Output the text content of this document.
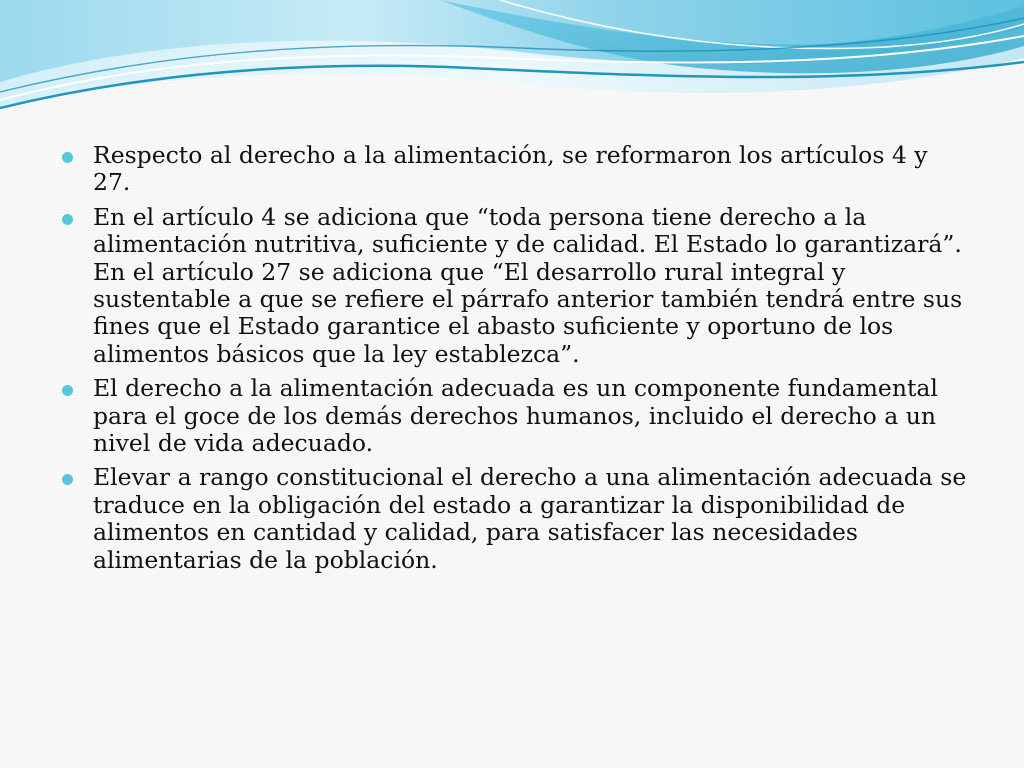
Respecto al derecho a la alimentación, se reformaron los artículos 4 y 27.
En el artículo 4 se adiciona que “toda persona tiene derecho a la alimentación nutritiva, suficiente y de calidad. El Estado lo garantizará”. En el artículo 27 se adiciona que “El desarrollo rural integral y sustentable a que se refiere el párrafo anterior también tendrá entre sus fines que el Estado garantice el abasto suficiente y oportuno de los alimentos básicos que la ley establezca”.
El derecho a la alimentación adecuada es un componente fundamental para el goce de los demás derechos humanos, incluido el derecho a un nivel de vida adecuado.
Elevar a rango constitucional el derecho a una alimentación adecuada se traduce en la obligación del estado a garantizar la disponibilidad de alimentos en cantidad y calidad, para satisfacer las necesidades alimentarias de la población.
